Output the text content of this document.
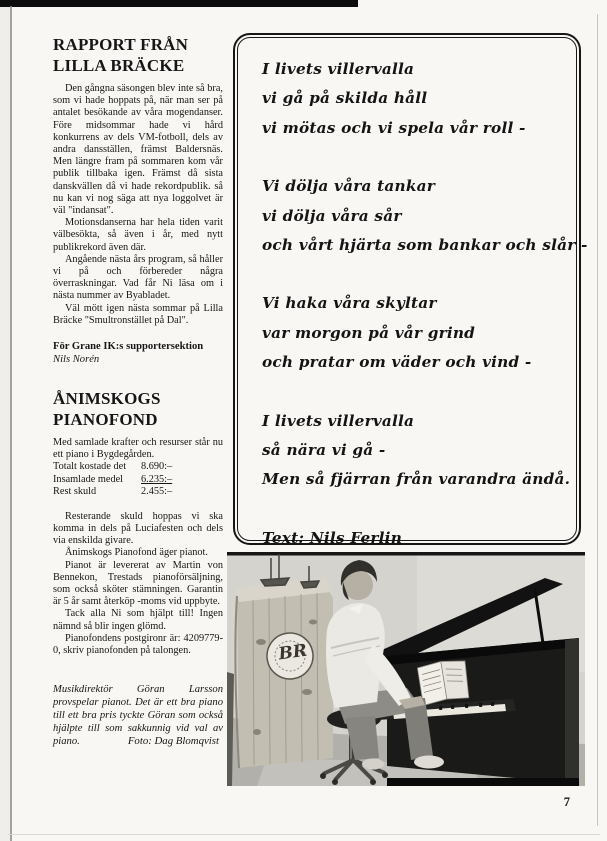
RAPPORT FRÅN
LILLA BRÄCKE

Den gångna säsongen blev inte så bra, som vi hade hoppats på, när man ser på antalet besökande av våra mogendanser. Före midsommar hade vi hård konkurrens av dels VM-fotboll, dels av andra dansställen, främst Baldersnäs. Men längre fram på sommaren kom vår publik tillbaka igen. Främst då sista danskvällen då vi hade rekordpublik. så nu kan vi nog säga att nya loggolvet är väl "indansat".

Motionsdanserna har hela tiden varit välbesökta, så även i år, med nytt publikrekord även där.

Angående nästa års program, så håller vi på och förbereder några överraskningar. Vad får Ni läsa om i nästa nummer av Byabladet.

Väl mött igen nästa sommar på Lilla Bräcke "Smultronstället på Dal".

För Grane IK:s supportersektion
Nils Norén
ÅNIMSKOGS
PIANOFOND

Med samlade krafter och resurser står nu ett piano i Bygdegården.

Totalt kostade det	8.690:–
Insamlade medel	6.235:–
Rest skuld	2.455:–

Resterande skuld hoppas vi ska komma in dels på Luciafesten och dels via enskilda givare.

Ånimskogs Pianofond äger pianot.

Pianot är levererat av Martin von Bennekon, Trestads pianoförsäljning, som också sköter stämningen. Garantin är 5 år samt återköp -moms vid uppbyte.

Tack alla Ni som hjälpt till! Ingen nämnd så blir ingen glömd.

Pianofondens postgironr är: 4209779-0, skriv pianofonden på talongen.

Musikdirektör Göran Larsson provspelar pianot. Det är ett bra piano till ett bra pris tyckte Göran som också hjälpte till som sakkunnig vid val av piano.	Foto: Dag Blomqvist
I livets villervalla
vi gå på skilda håll
vi mötas och vi spela vår roll -
Vi dölja våra tankar
vi dölja våra sår
och vårt hjärta som bankar och slår -
Vi haka våra skyltar
var morgon på vår grind
och pratar om väder och vind -
I livets villervalla
så nära vi gå -
Men så fjärran från varandra ändå.
Text: Nils Ferlin
BR
7
